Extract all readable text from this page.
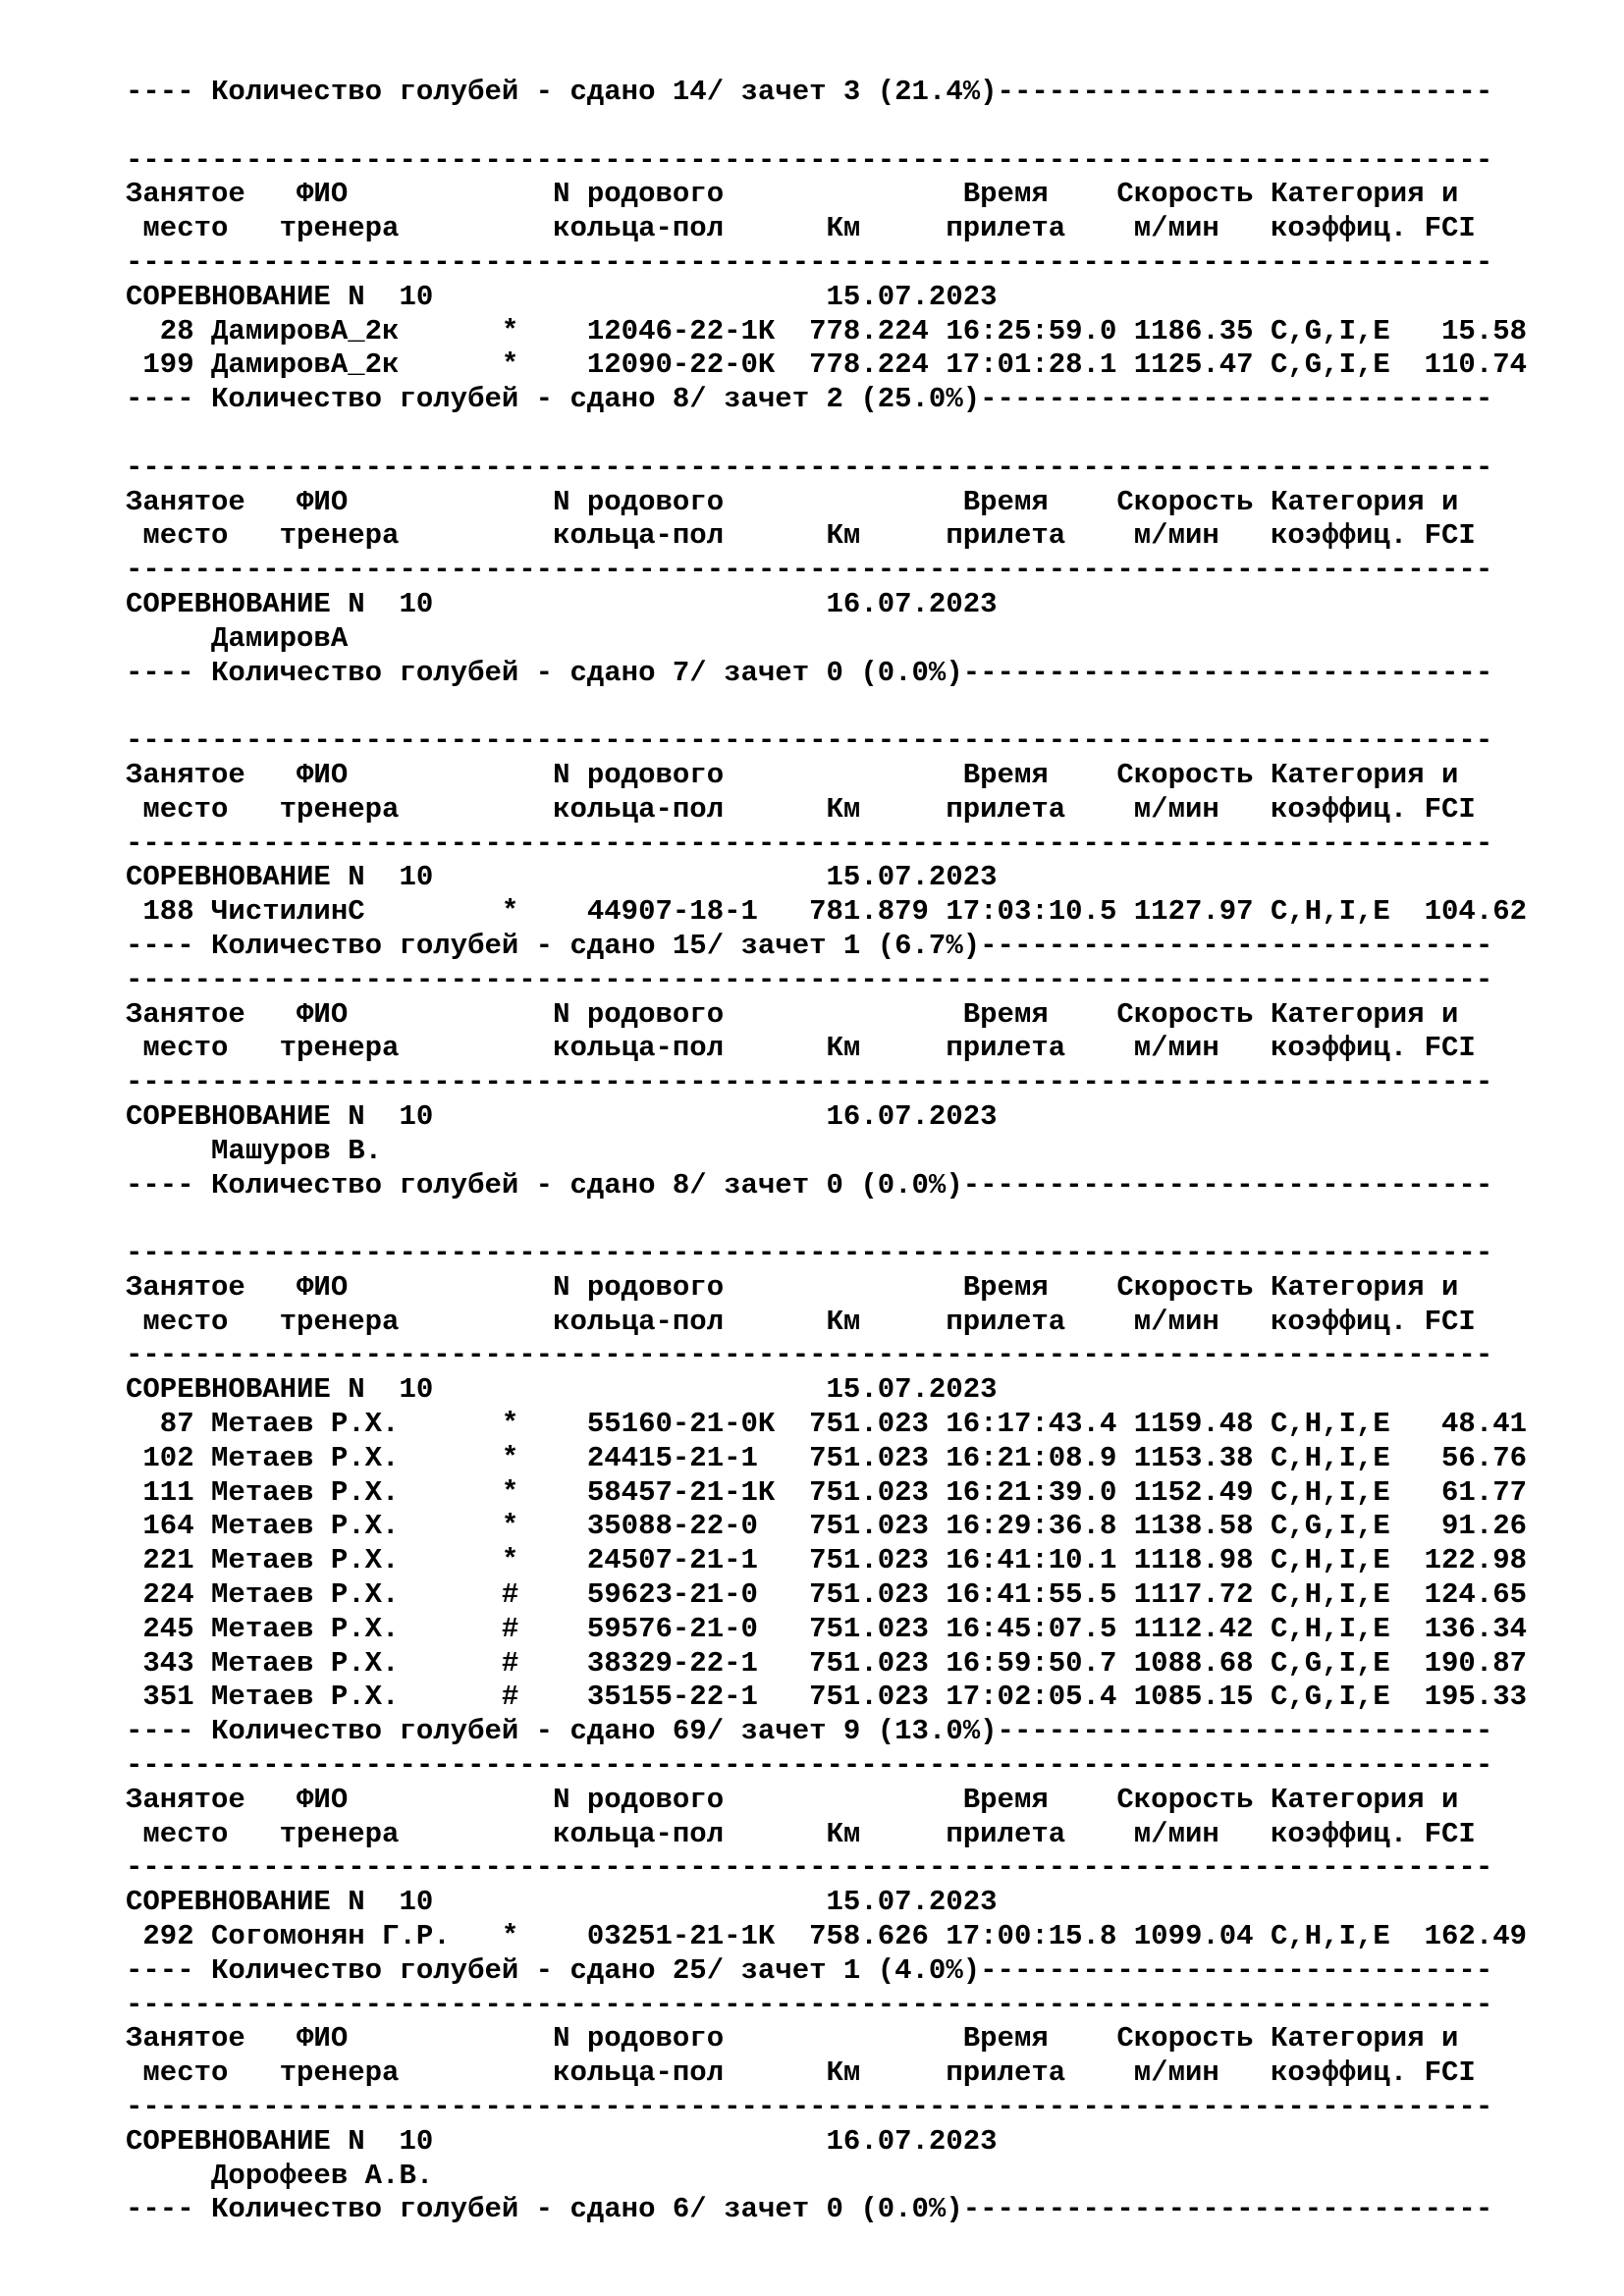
---- Количество голубей - сдано 14/ зачет 3 (21.4%)-----------------------------
--------------------------------------------------------------------------------
Занятое   ФИО            N родового              Время    Скорость Категория и
место   тренера         кольца-пол      Км     прилета    м/мин   коэффиц. FCI
--------------------------------------------------------------------------------
СОРЕВНОВАНИЕ N  10                       15.07.2023
28 ДамировА_2к      *    12046-22-1К  778.224 16:25:59.0 1186.35 C,G,I,E   15.58
199 ДамировА_2к      *    12090-22-0К  778.224 17:01:28.1 1125.47 C,G,I,E  110.74
---- Количество голубей - сдано 8/ зачет 2 (25.0%)------------------------------
--------------------------------------------------------------------------------
Занятое   ФИО            N родового              Время    Скорость Категория и
место   тренера         кольца-пол      Км     прилета    м/мин   коэффиц. FCI
--------------------------------------------------------------------------------
СОРЕВНОВАНИЕ N  10                       16.07.2023
ДамировА
---- Количество голубей - сдано 7/ зачет 0 (0.0%)-------------------------------
--------------------------------------------------------------------------------
Занятое   ФИО            N родового              Время    Скорость Категория и
место   тренера         кольца-пол      Км     прилета    м/мин   коэффиц. FCI
--------------------------------------------------------------------------------
СОРЕВНОВАНИЕ N  10                       15.07.2023
188 ЧистилинС        *    44907-18-1   781.879 17:03:10.5 1127.97 C,H,I,E  104.62
---- Количество голубей - сдано 15/ зачет 1 (6.7%)------------------------------
--------------------------------------------------------------------------------
Занятое   ФИО            N родового              Время    Скорость Категория и
место   тренера         кольца-пол      Км     прилета    м/мин   коэффиц. FCI
--------------------------------------------------------------------------------
СОРЕВНОВАНИЕ N  10                       16.07.2023
Машуров В.
---- Количество голубей - сдано 8/ зачет 0 (0.0%)-------------------------------
--------------------------------------------------------------------------------
Занятое   ФИО            N родового              Время    Скорость Категория и
место   тренера         кольца-пол      Км     прилета    м/мин   коэффиц. FCI
--------------------------------------------------------------------------------
СОРЕВНОВАНИЕ N  10                       15.07.2023
87 Метаев Р.Х.      *    55160-21-0К  751.023 16:17:43.4 1159.48 C,H,I,E   48.41
102 Метаев Р.Х.      *    24415-21-1   751.023 16:21:08.9 1153.38 C,H,I,E   56.76
111 Метаев Р.Х.      *    58457-21-1К  751.023 16:21:39.0 1152.49 C,H,I,E   61.77
164 Метаев Р.Х.      *    35088-22-0   751.023 16:29:36.8 1138.58 C,G,I,E   91.26
221 Метаев Р.Х.      *    24507-21-1   751.023 16:41:10.1 1118.98 C,H,I,E  122.98
224 Метаев Р.Х.      #    59623-21-0   751.023 16:41:55.5 1117.72 C,H,I,E  124.65
245 Метаев Р.Х.      #    59576-21-0   751.023 16:45:07.5 1112.42 C,H,I,E  136.34
343 Метаев Р.Х.      #    38329-22-1   751.023 16:59:50.7 1088.68 C,G,I,E  190.87
351 Метаев Р.Х.      #    35155-22-1   751.023 17:02:05.4 1085.15 C,G,I,E  195.33
---- Количество голубей - сдано 69/ зачет 9 (13.0%)-----------------------------
--------------------------------------------------------------------------------
Занятое   ФИО            N родового              Время    Скорость Категория и
место   тренера         кольца-пол      Км     прилета    м/мин   коэффиц. FCI
--------------------------------------------------------------------------------
СОРЕВНОВАНИЕ N  10                       15.07.2023
292 Согомонян Г.Р.   *    03251-21-1К  758.626 17:00:15.8 1099.04 C,H,I,E  162.49
---- Количество голубей - сдано 25/ зачет 1 (4.0%)------------------------------
--------------------------------------------------------------------------------
Занятое   ФИО            N родового              Время    Скорость Категория и
место   тренера         кольца-пол      Км     прилета    м/мин   коэффиц. FCI
--------------------------------------------------------------------------------
СОРЕВНОВАНИЕ N  10                       16.07.2023
Дорофеев А.В.
---- Количество голубей - сдано 6/ зачет 0 (0.0%)-------------------------------
